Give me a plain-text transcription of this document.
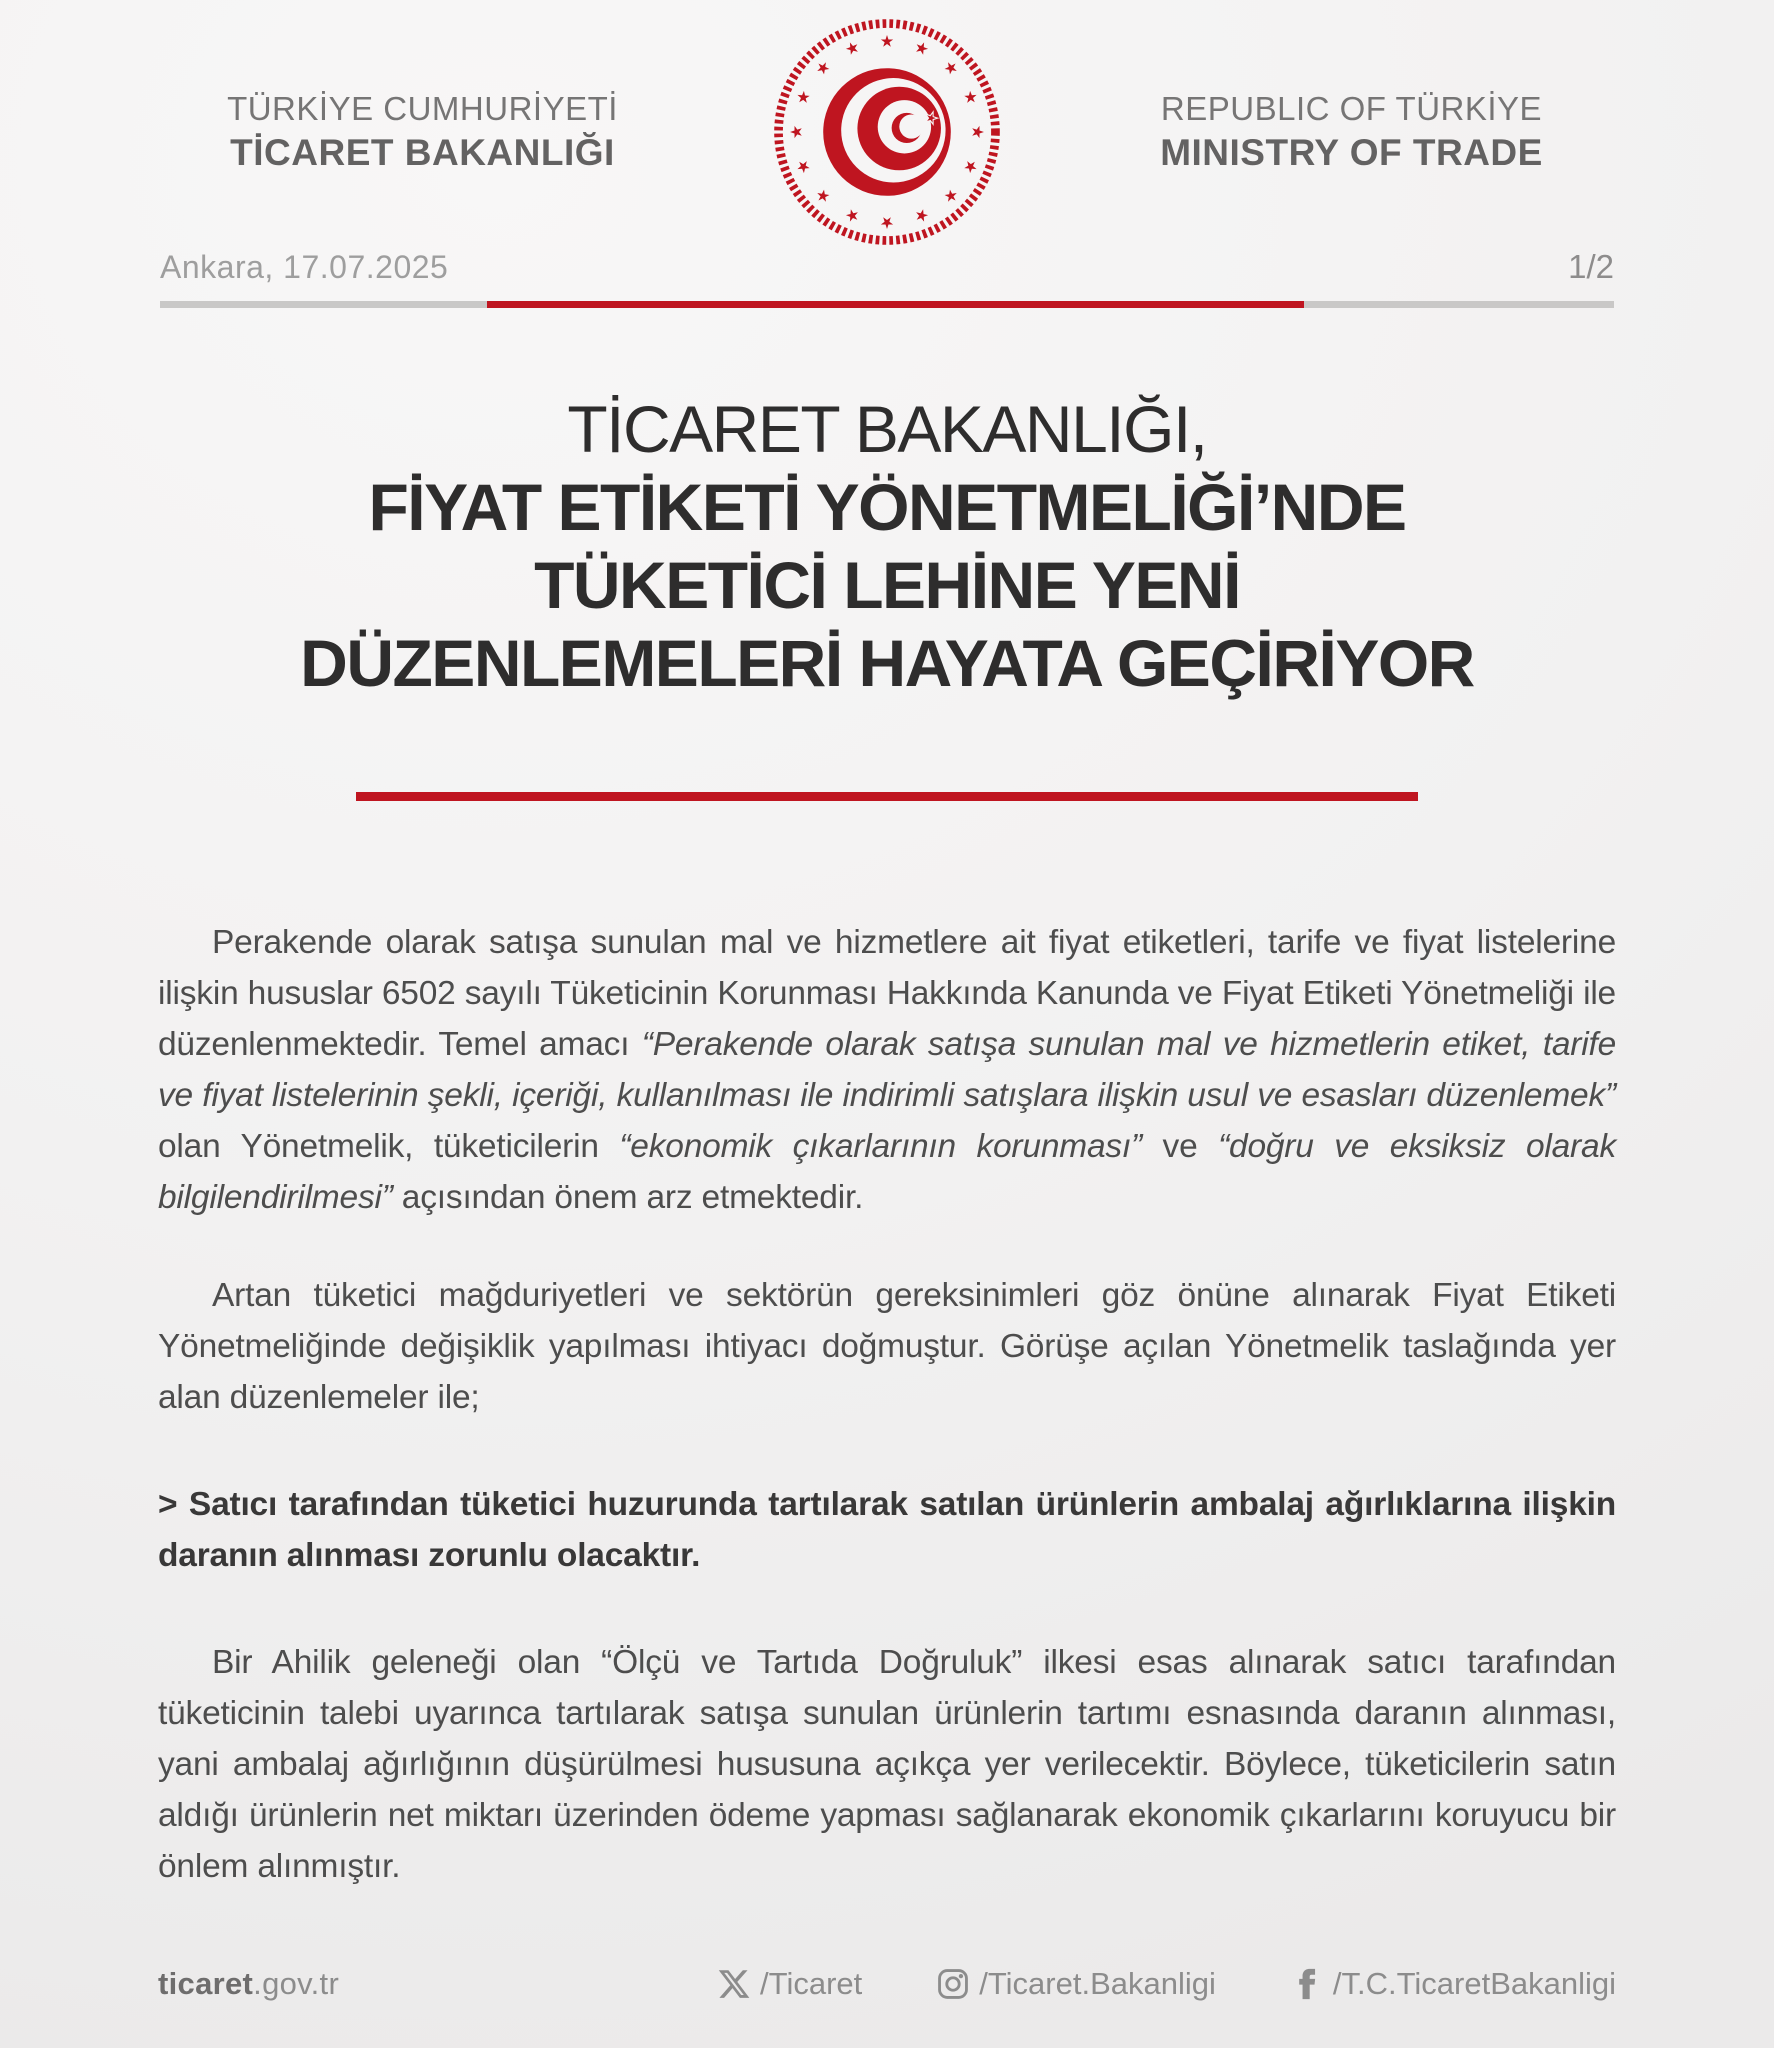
TÜRKİYE CUMHURİYETİ
TİCARET BAKANLIĞI
REPUBLIC OF TÜRKİYE
MINISTRY OF TRADE
Ankara, 17.07.2025	1/2
TİCARET BAKANLIĞI,
FİYAT ETİKETİ YÖNETMELİĞİ’NDE
TÜKETİCİ LEHİNE YENİ
DÜZENLEMELERİ HAYATA GEÇİRİYOR

Perakende olarak satışa sunulan mal ve hizmetlere ait fiyat etiketleri, tarife ve fiyat listelerine ilişkin hususlar 6502 sayılı Tüketicinin Korunması Hakkında Kanunda ve Fiyat Etiketi Yönetmeliği ile düzenlenmektedir. Temel amacı “Perakende olarak satışa sunulan mal ve hizmetlerin etiket, tarife ve fiyat listelerinin şekli, içeriği, kullanılması ile indirimli satışlara ilişkin usul ve esasları düzenlemek” olan Yönetmelik, tüketicilerin “ekonomik çıkarlarının korunması” ve “doğru ve eksiksiz olarak bilgilendirilmesi” açısından önem arz etmektedir.

Artan tüketici mağduriyetleri ve sektörün gereksinimleri göz önüne alınarak Fiyat Etiketi Yönetmeliğinde değişiklik yapılması ihtiyacı doğmuştur. Görüşe açılan Yönetmelik taslağında yer alan düzenlemeler ile;

> Satıcı tarafından tüketici huzurunda tartılarak satılan ürünlerin ambalaj ağırlıklarına ilişkin daranın alınması zorunlu olacaktır.

Bir Ahilik geleneği olan “Ölçü ve Tartıda Doğruluk” ilkesi esas alınarak satıcı tarafından tüketicinin talebi uyarınca tartılarak satışa sunulan ürünlerin tartımı esnasında daranın alınması, yani ambalaj ağırlığının düşürülmesi hususuna açıkça yer verilecektir. Böylece, tüketicilerin satın aldığı ürünlerin net miktarı üzerinden ödeme yapması sağlanarak ekonomik çıkarlarını koruyucu bir önlem alınmıştır.

ticaret.gov.tr	/Ticaret	/Ticaret.Bakanligi	/T.C.TicaretBakanligi
